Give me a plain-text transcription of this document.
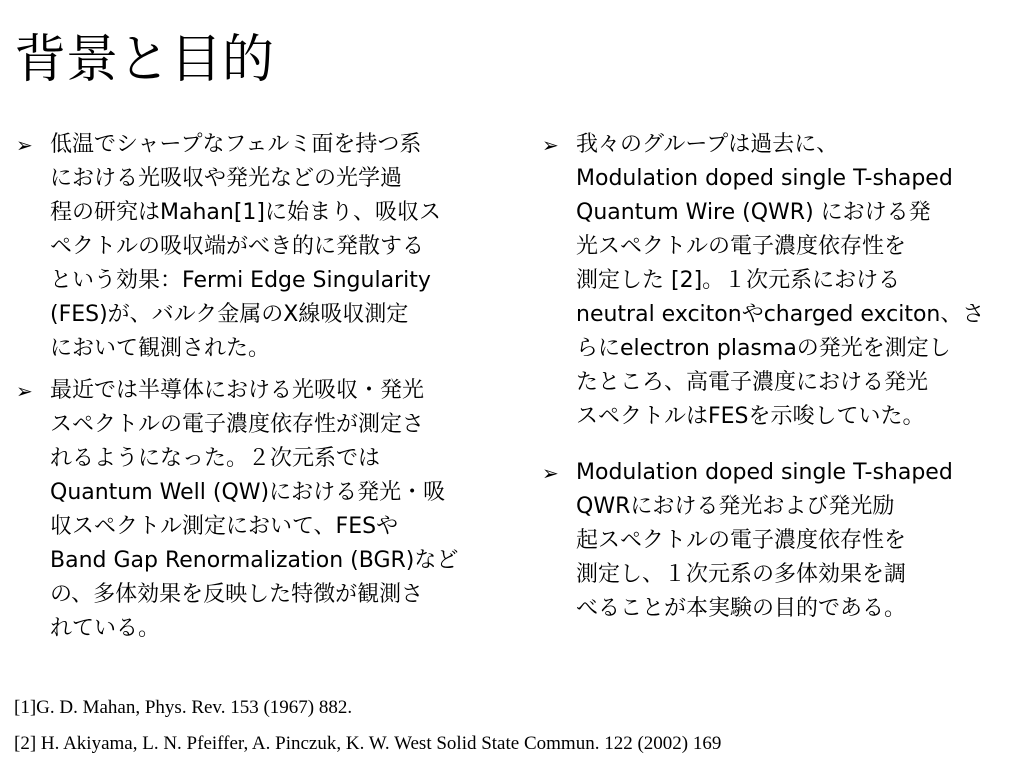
背景と目的
➢ 低温でシャープなフェルミ面を持つ系
における光吸収や発光などの光学過
程の研究はMahan[1]に始まり、吸収ス
ペクトルの吸収端がべき的に発散する
という効果：Fermi Edge Singularity
(FES)が、バルク金属のX線吸収測定
において観測された。
➢ 最近では半導体における光吸収・発光
スペクトルの電子濃度依存性が測定さ
れるようになった。２次元系では
Quantum Well (QW)における発光・吸
収スペクトル測定において、FESや
Band Gap Renormalization (BGR)など
の、多体効果を反映した特徴が観測さ
れている。
➢ 我々のグループは過去に、
Modulation doped single T-shaped
Quantum Wire (QWR) における発
光スペクトルの電子濃度依存性を
測定した [2]。１次元系における
neutral excitonやcharged exciton、さ
らにelectron plasmaの発光を測定し
たところ、高電子濃度における発光
スペクトルはFESを示唆していた。
➢ Modulation doped single T-shaped
QWRにおける発光および発光励
起スペクトルの電子濃度依存性を
測定し、１次元系の多体効果を調
べることが本実験の目的である。

[1]G. D. Mahan, Phys. Rev. 153 (1967) 882.

[2] H. Akiyama, L. N. Pfeiffer, A. Pinczuk, K. W. West Solid State Commun. 122 (2002) 169
